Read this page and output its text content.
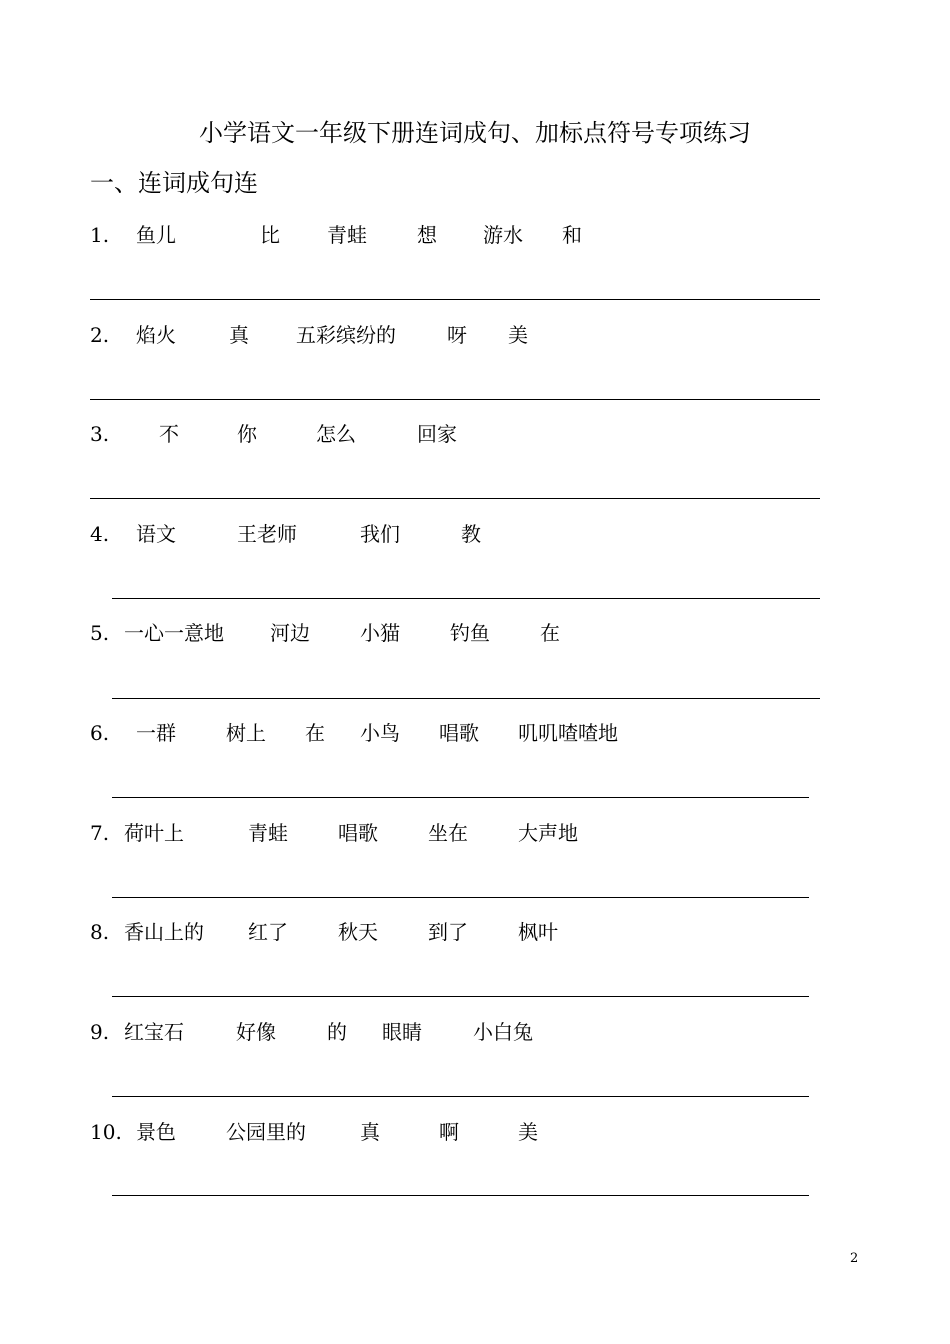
小学语文一年级下册连词成句、加标点符号专项练习
一、连词成句连
1. 鱼儿	比 青蛙	想 游水 和
2. 焰火	真 五彩缤纷的	呀 美
3. 不	你	怎么	回家
4. 语文	王老师	我们	教
5. 一心一意地 河边	小猫	钓鱼	在
6. 一群	树上 在 小鸟 唱歌 叽叽喳喳地
7. 荷叶上	青蛙	唱歌	坐在	大声地
8. 香山上的 红了	秋天	到了	枫叶
9. 红宝石	好像	的 眼睛	小白兔
10. 景色	公园里的	真	啊	美
2
